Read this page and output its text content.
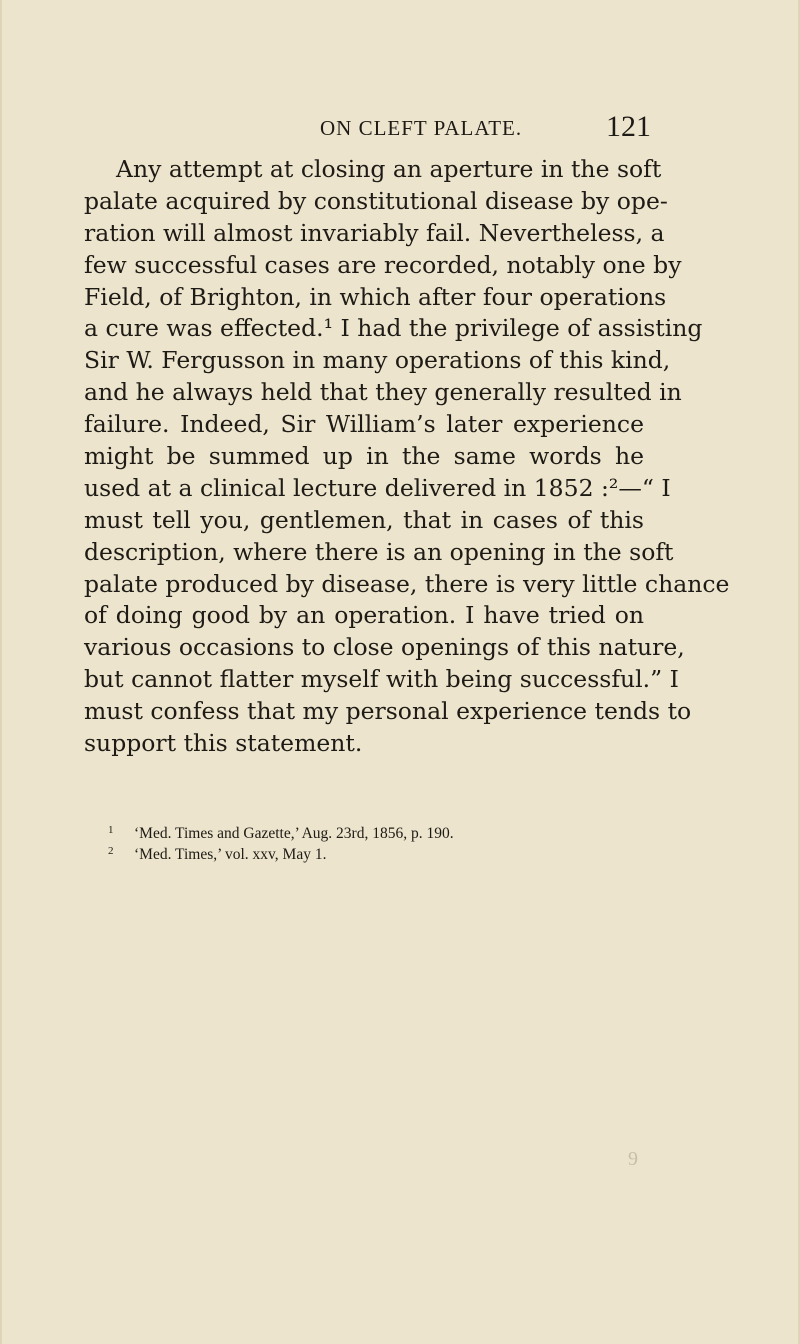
ON CLEFT PALATE.	121
Any attempt at closing an aperture in the soft
palate acquired by constitutional disease by ope-
ration will almost invariably fail. Nevertheless, a
few successful cases are recorded, notably one by
Field, of Brighton, in which after four operations
a cure was effected.¹ I had the privilege of assisting
Sir W. Fergusson in many operations of this kind,
and he always held that they generally resulted in
failure. Indeed, Sir William’s later experience
might be summed up in the same words he
used at a clinical lecture delivered in 1852 :²—“ I
must tell you, gentlemen, that in cases of this
description, where there is an opening in the soft
palate produced by disease, there is very little chance
of doing good by an operation. I have tried on
various occasions to close openings of this nature,
but cannot flatter myself with being successful.” I
must confess that my personal experience tends to
support this statement.
1 ‘Med. Times and Gazette,’ Aug. 23rd, 1856, p. 190.
2 ‘Med. Times,’ vol. xxv, May 1.
9
